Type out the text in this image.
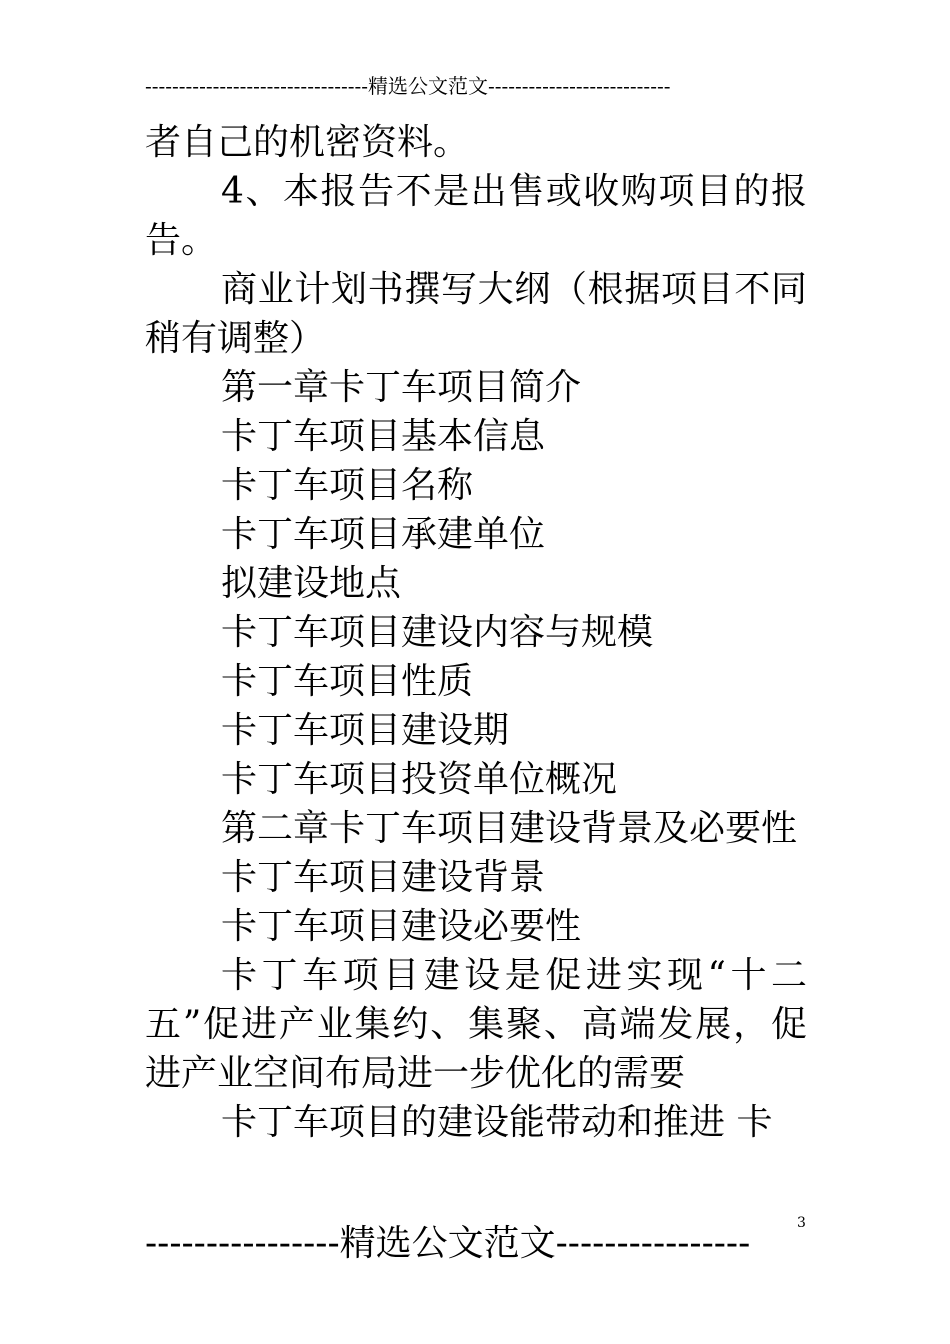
---------------------------------精选公文范文---------------------------

者自己的机密资料。

4、本报告不是出售或收购项目的报告。

商业计划书撰写大纲（根据项目不同稍有调整）

第一章卡丁车项目简介

卡丁车项目基本信息

卡丁车项目名称

卡丁车项目承建单位

拟建设地点

卡丁车项目建设内容与规模

卡丁车项目性质

卡丁车项目建设期

卡丁车项目投资单位概况

第二章卡丁车项目建设背景及必要性

卡丁车项目建设背景

卡丁车项目建设必要性

卡丁车项目建设是促进实现“十二五”促进产业集约、集聚、高端发展，促进产业空间布局进一步优化的需要

卡丁车项目的建设能带动和推进 卡

3
----------------精选公文范文----------------
